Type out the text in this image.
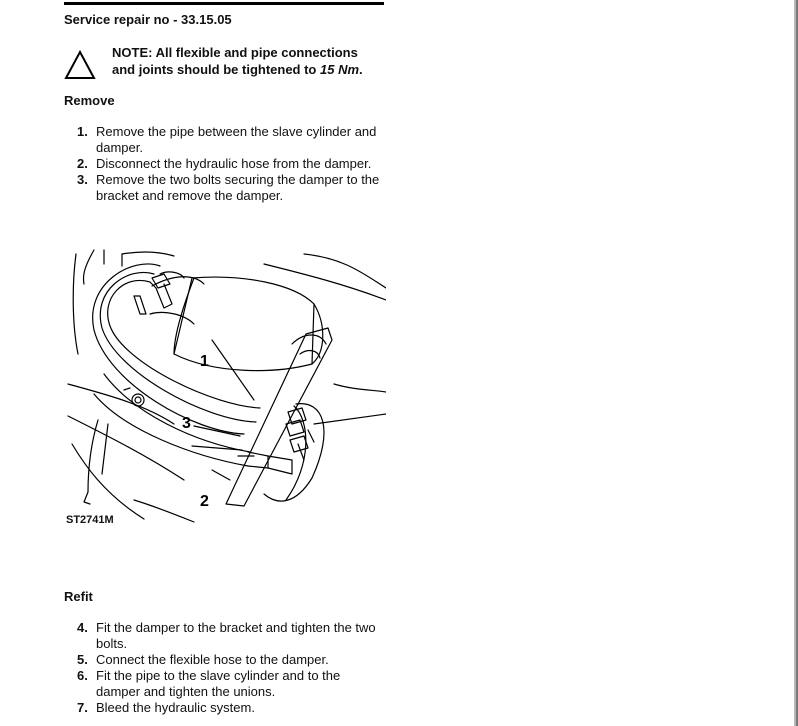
Service repair no - 33.15.05
NOTE: All flexible and pipe connections and joints should be tightened to 15 Nm.
Remove
1. Remove the pipe between the slave cylinder and damper.
2. Disconnect the hydraulic hose from the damper.
3. Remove the two bolts securing the damper to the bracket and remove the damper.
1
2
3
ST2741M
Refit
4. Fit the damper to the bracket and tighten the two bolts.
5. Connect the flexible hose to the damper.
6. Fit the pipe to the slave cylinder and to the damper and tighten the unions.
7. Bleed the hydraulic system.
